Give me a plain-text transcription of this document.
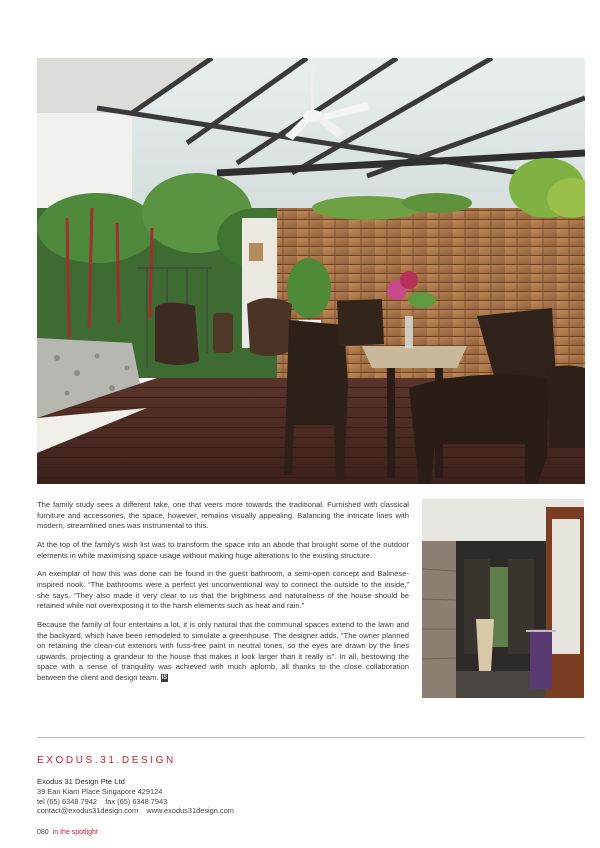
The family study sees a different take, one that veers more towards the traditional. Furnished with classical furniture and accessories, the space, however, remains visually appealing. Balancing the intricate lines with modern, streamlined ones was instrumental to this.

At the top of the family’s wish list was to transform the space into an abode that brought some of the outdoor elements in while maximising space usage without making huge alterations to the existing structure.

An exemplar of how this was done can be found in the guest bathroom, a semi-open concept and Balinese-inspired nook. “The bathrooms were a perfect yet unconventional way to connect the outside to the inside,” she says. “They also made it very clear to us that the brightness and naturalness of the house should be retained while not overexposing it to the harsh elements such as heat and rain.”

Because the family of four entertains a lot, it is only natural that the communal spaces extend to the lawn and the backyard, which have been remodeled to simulate a greenhouse. The designer adds, “The owner planned on retaining the clean-cut exteriors with fuss-free paint in neutral tones, so the eyes are drawn by the lines upwards, projecting a grandeur to the house that makes it look larger than it really is”. In all, bestowing the space with a sense of tranquility was achieved with much aplomb, all thanks to the close collaboration between the client and design team. IS

EXODUS.31.DESIGN
Exodus 31 Design Pte Ltd
39 Ean Kiam Place Singapore 429124
tel (65) 6348 7942    fax (65) 6348 7943
contact@exodus31design.com    www.exodus31design.com
080 in the spotlight
